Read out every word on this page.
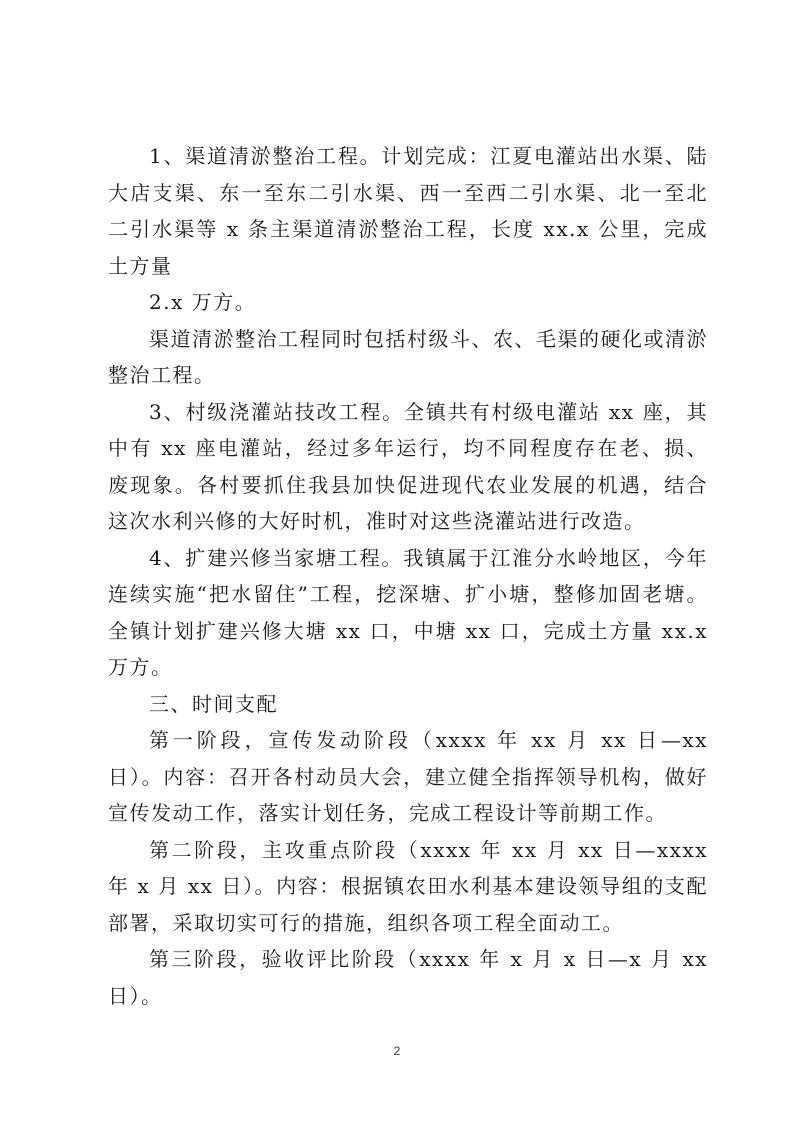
1、渠道清淤整治工程。计划完成：江夏电灌站出水渠、陆大店支渠、东一至东二引水渠、西一至西二引水渠、北一至北二引水渠等 x 条主渠道清淤整治工程，长度 xx.x 公里，完成土方量

2.x 万方。

渠道清淤整治工程同时包括村级斗、农、毛渠的硬化或清淤整治工程。

3、村级浇灌站技改工程。全镇共有村级电灌站 xx 座，其中有 xx 座电灌站，经过多年运行，均不同程度存在老、损、废现象。各村要抓住我县加快促进现代农业发展的机遇，结合这次水利兴修的大好时机，准时对这些浇灌站进行改造。

4、扩建兴修当家塘工程。我镇属于江淮分水岭地区，今年连续实施“把水留住”工程，挖深塘、扩小塘，整修加固老塘。全镇计划扩建兴修大塘 xx 口，中塘 xx 口，完成土方量 xx.x 万方。

三、时间支配

第一阶段，宣传发动阶段（xxxx 年 xx 月 xx 日—xx 日）。内容：召开各村动员大会，建立健全指挥领导机构，做好宣传发动工作，落实计划任务，完成工程设计等前期工作。

第二阶段，主攻重点阶段（xxxx 年 xx 月 xx 日—xxxx 年 x 月 xx 日）。内容：根据镇农田水利基本建设领导组的支配部署，采取切实可行的措施，组织各项工程全面动工。

第三阶段，验收评比阶段（xxxx 年 x 月 x 日—x 月 xx 日）。

2
